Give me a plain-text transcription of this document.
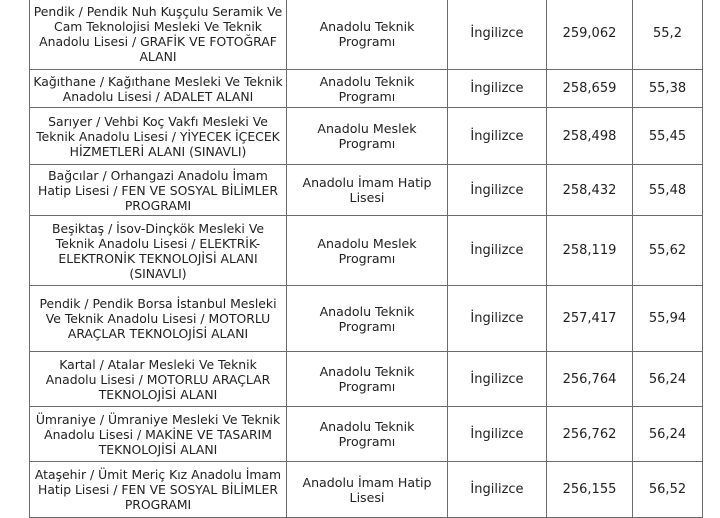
Pendik / Pendik Nuh Kuşçulu Seramik Ve Cam Teknolojisi Mesleki Ve Teknik Anadolu Lisesi / GRAFİK VE FOTOĞRAF ALANI	Anadolu Teknik Programı	İngilizce	259,062	55,2
Kağıthane / Kağıthane Mesleki Ve Teknik Anadolu Lisesi / ADALET ALANI	Anadolu Teknik Programı	İngilizce	258,659	55,38
Sarıyer / Vehbi Koç Vakfı Mesleki Ve Teknik Anadolu Lisesi / YİYECEK İÇECEK HİZMETLERİ ALANI (SINAVLI)	Anadolu Meslek Programı	İngilizce	258,498	55,45
Bağcılar / Orhangazi Anadolu İmam Hatip Lisesi / FEN VE SOSYAL BİLİMLER PROGRAMI	Anadolu İmam Hatip Lisesi	İngilizce	258,432	55,48
Beşiktaş / İsov-Dinçkök Mesleki Ve Teknik Anadolu Lisesi / ELEKTRİK-ELEKTRONİK TEKNOLOJİSİ ALANI (SINAVLI)	Anadolu Meslek Programı	İngilizce	258,119	55,62
Pendik / Pendik Borsa İstanbul Mesleki Ve Teknik Anadolu Lisesi / MOTORLU ARAÇLAR TEKNOLOJİSİ ALANI	Anadolu Teknik Programı	İngilizce	257,417	55,94
Kartal / Atalar Mesleki Ve Teknik Anadolu Lisesi / MOTORLU ARAÇLAR TEKNOLOJİSİ ALANI	Anadolu Teknik Programı	İngilizce	256,764	56,24
Ümraniye / Ümraniye Mesleki Ve Teknik Anadolu Lisesi / MAKİNE VE TASARIM TEKNOLOJİSİ ALANI	Anadolu Teknik Programı	İngilizce	256,762	56,24
Ataşehir / Ümit Meriç Kız Anadolu İmam Hatip Lisesi / FEN VE SOSYAL BİLİMLER PROGRAMI	Anadolu İmam Hatip Lisesi	İngilizce	256,155	56,52
